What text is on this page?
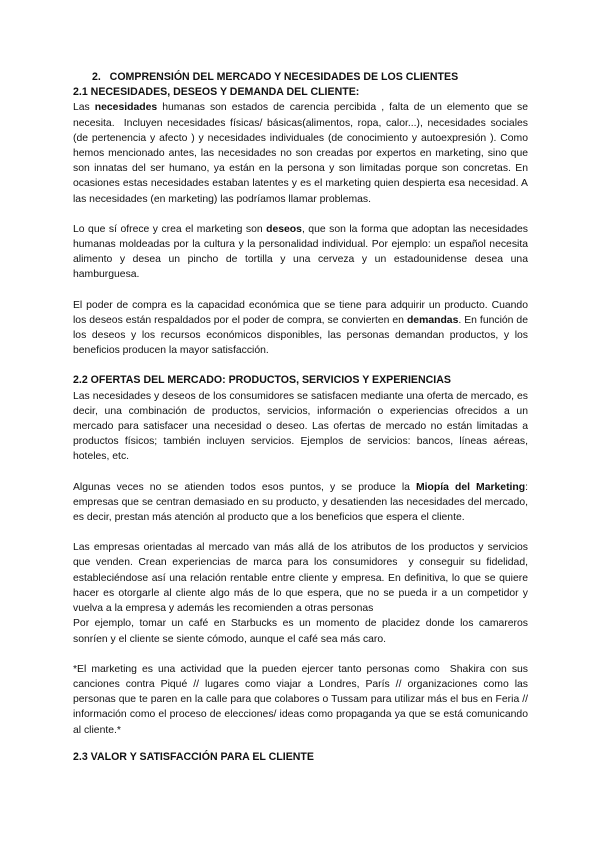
2.   COMPRENSIÓN DEL MERCADO Y NECESIDADES DE LOS CLIENTES
2.1 NECESIDADES, DESEOS Y DEMANDA DEL CLIENTE:

Las necesidades humanas son estados de carencia percibida , falta de un elemento que se necesita.  Incluyen necesidades físicas/ básicas(alimentos, ropa, calor...), necesidades sociales (de pertenencia y afecto ) y necesidades individuales (de conocimiento y autoexpresión ). Como hemos mencionado antes, las necesidades no son creadas por expertos en marketing, sino que son innatas del ser humano, ya están en la persona y son limitadas porque son concretas. En ocasiones estas necesidades estaban latentes y es el marketing quien despierta esa necesidad. A las necesidades (en marketing) las podríamos llamar problemas.

Lo que sí ofrece y crea el marketing son deseos, que son la forma que adoptan las necesidades humanas moldeadas por la cultura y la personalidad individual. Por ejemplo: un español necesita alimento y desea un pincho de tortilla y una cerveza y un estadounidense desea una hamburguesa.

El poder de compra es la capacidad económica que se tiene para adquirir un producto. Cuando los deseos están respaldados por el poder de compra, se convierten en demandas. En función de los deseos y los recursos económicos disponibles, las personas demandan productos, y los beneficios producen la mayor satisfacción.

2.2 OFERTAS DEL MERCADO: PRODUCTOS, SERVICIOS Y EXPERIENCIAS

Las necesidades y deseos de los consumidores se satisfacen mediante una oferta de mercado, es decir, una combinación de productos, servicios, información o experiencias ofrecidos a un mercado para satisfacer una necesidad o deseo. Las ofertas de mercado no están limitadas a productos físicos; también incluyen servicios. Ejemplos de servicios: bancos, líneas aéreas, hoteles, etc.

Algunas veces no se atienden todos esos puntos, y se produce la Miopía del Marketing: empresas que se centran demasiado en su producto, y desatienden las necesidades del mercado, es decir, prestan más atención al producto que a los beneficios que espera el cliente.

Las empresas orientadas al mercado van más allá de los atributos de los productos y servicios que venden. Crean experiencias de marca para los consumidores  y conseguir su fidelidad, estableciéndose así una relación rentable entre cliente y empresa. En definitiva, lo que se quiere hacer es otorgarle al cliente algo más de lo que espera, que no se pueda ir a un competidor y vuelva a la empresa y además les recomienden a otras personas

Por ejemplo, tomar un café en Starbucks es un momento de placidez donde los camareros sonríen y el cliente se siente cómodo, aunque el café sea más caro.

*El marketing es una actividad que la pueden ejercer tanto personas como  Shakira con sus canciones contra Piqué // lugares como viajar a Londres, París // organizaciones como las personas que te paren en la calle para que colabores o Tussam para utilizar más el bus en Feria // información como el proceso de elecciones/ ideas como propaganda ya que se está comunicando al cliente.*

2.3 VALOR Y SATISFACCIÓN PARA EL CLIENTE
